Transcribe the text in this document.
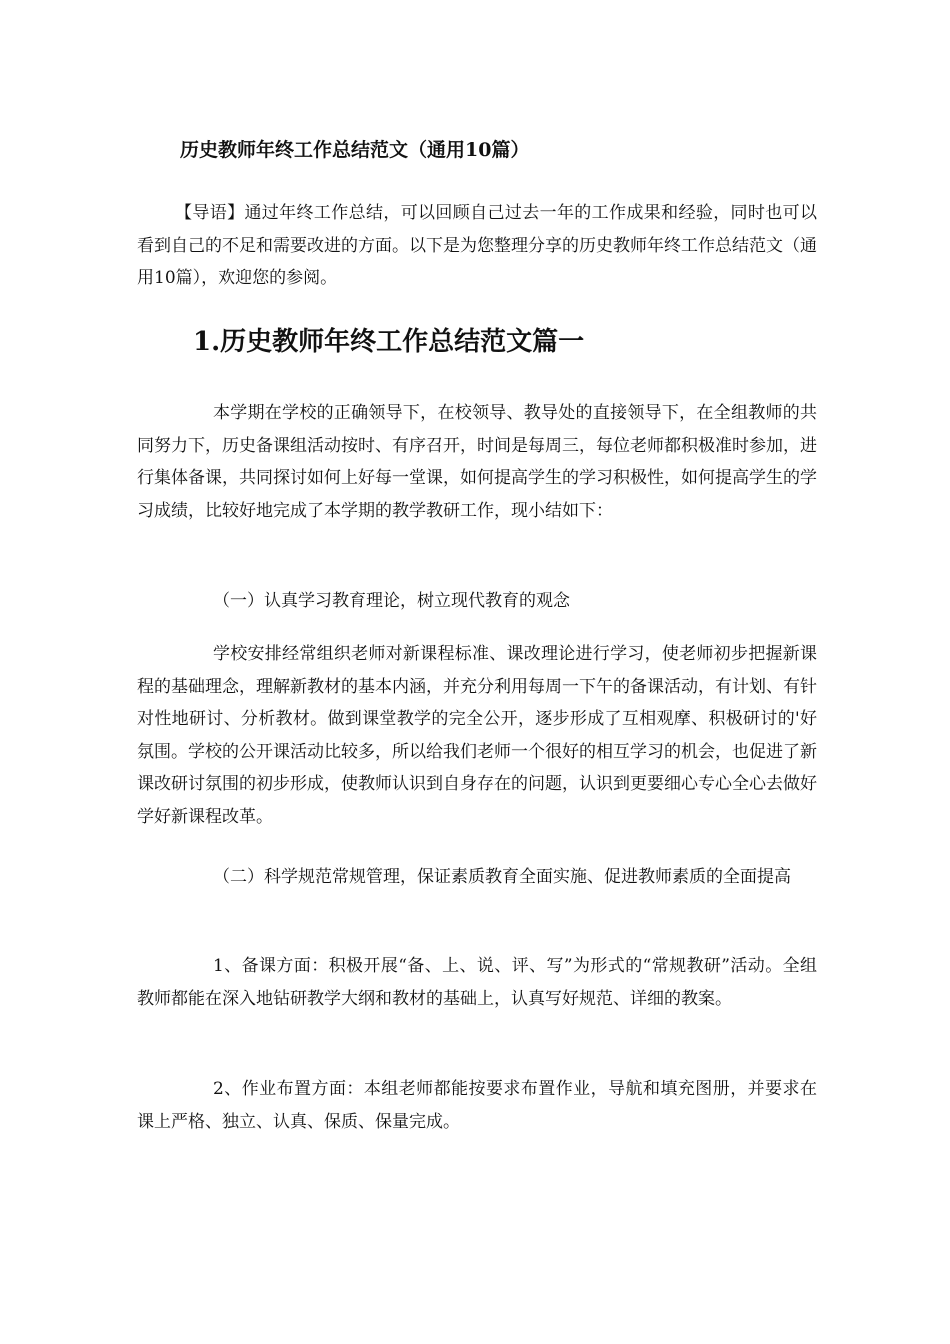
历史教师年终工作总结范文（通用10篇）

【导语】通过年终工作总结，可以回顾自己过去一年的工作成果和经验，同时也可以看到自己的不足和需要改进的方面。以下是为您整理分享的历史教师年终工作总结范文（通用10篇），欢迎您的参阅。

1.历史教师年终工作总结范文篇一

本学期在学校的正确领导下，在校领导、教导处的直接领导下，在全组教师的共同努力下，历史备课组活动按时、有序召开，时间是每周三，每位老师都积极准时参加，进行集体备课，共同探讨如何上好每一堂课，如何提高学生的学习积极性，如何提高学生的学习成绩，比较好地完成了本学期的教学教研工作，现小结如下：

（一）认真学习教育理论，树立现代教育的观念

学校安排经常组织老师对新课程标准、课改理论进行学习，使老师初步把握新课程的基础理念，理解新教材的基本内涵，并充分利用每周一下午的备课活动，有计划、有针对性地研讨、分析教材。做到课堂教学的完全公开，逐步形成了互相观摩、积极研讨的'好氛围。学校的公开课活动比较多，所以给我们老师一个很好的相互学习的机会，也促进了新课改研讨氛围的初步形成，使教师认识到自身存在的问题，认识到更要细心专心全心去做好学好新课程改革。

（二）科学规范常规管理，保证素质教育全面实施、促进教师素质的全面提高

1、备课方面：积极开展“备、上、说、评、写”为形式的“常规教研”活动。全组教师都能在深入地钻研教学大纲和教材的基础上，认真写好规范、详细的教案。

2、作业布置方面：本组老师都能按要求布置作业，导航和填充图册，并要求在课上严格、独立、认真、保质、保量完成。
